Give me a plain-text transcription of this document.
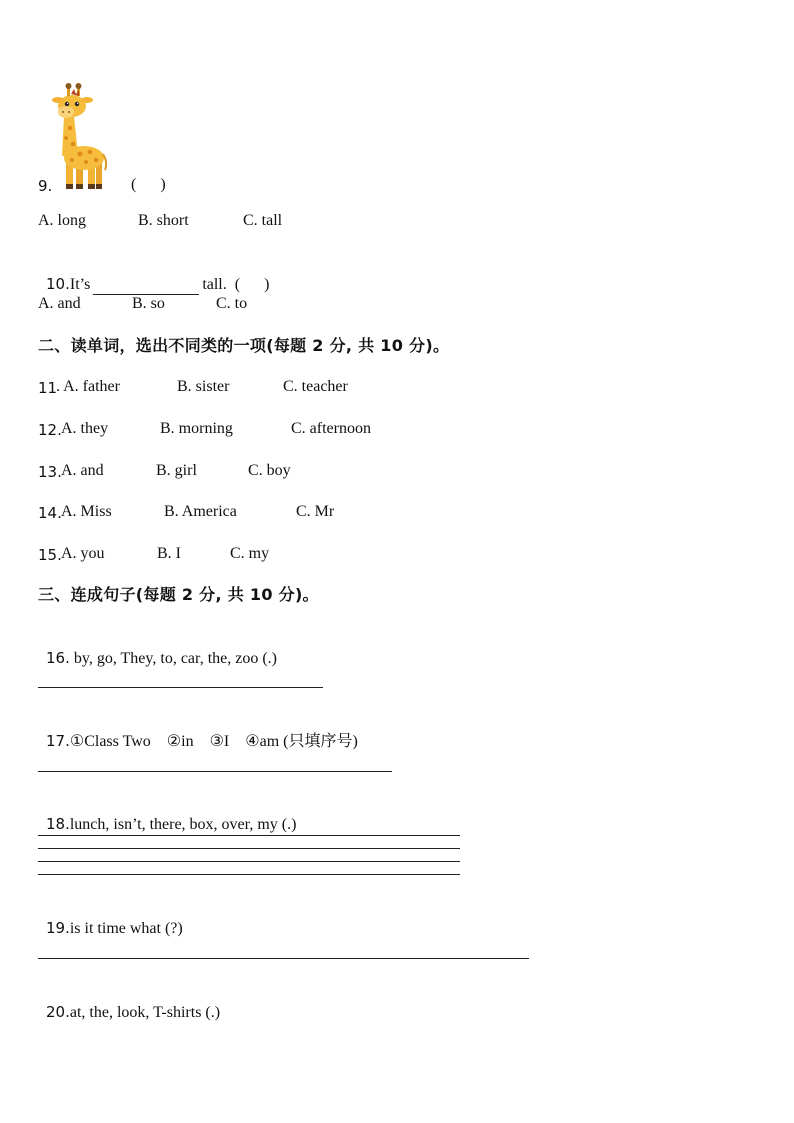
9.	(      )
A. long	B. short	C. tall

10.It’s	tall.  (      )

A. and	B. so	C. to
二、读单词，选出不同类的一项(每题 2 分, 共 10 分)。
11
. A. father	B. sister	C. teacher
12. A. they	B. morning	C. afternoon
13. A. and	B. girl	C. boy
14. A. Miss	B. America	C. Mr
15. A. you	B. I	C. my
三、连成句子(每题 2 分, 共 10 分)。

16. by, go, They, to, car, the, zoo (.)

17.①Class Two    ②in    ③I    ④am (只填序号)

18.lunch, isn’t, there, box, over, my (.)

19.is it time what (?)

20.at, the, look, T-shirts (.)
